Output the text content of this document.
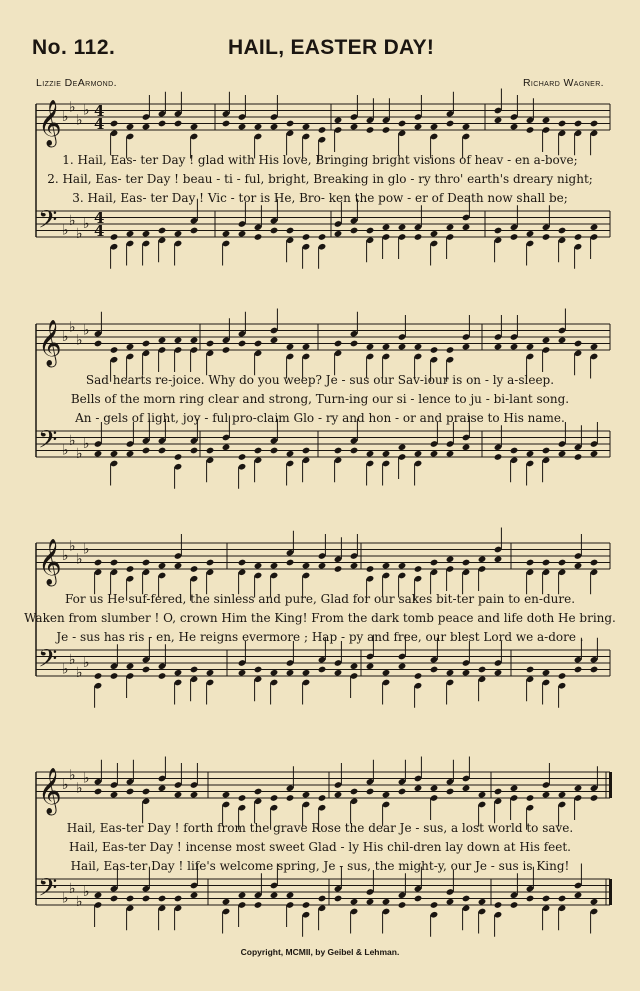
No. 112.	HAIL, EASTER DAY!
Lizzie DeArmond.	Richard Wagner.
𝄞 ♭
♭
♭
♭ 4
4
𝄢 ♭
♭
♭
♭ 4
4
𝄞 ♭
♭
♭
♭
𝄢 ♭
♭
♭
♭
𝄞 ♭
♭
♭
♭
𝄢 ♭
♭
♭
♭
𝄞 ♭
♭
♭
♭
𝄢 ♭
♭
♭
♭
1. Hail, Eas- ter Day ! glad with His love, Bringing bright visions of heav - en a-bove;
2. Hail, Eas- ter Day ! beau - ti - ful, bright, Breaking in glo - ry thro' earth's dreary night;
3. Hail, Eas- ter Day ! Vic - tor is He, Bro- ken the pow - er of Death now shall be;
Sad hearts re-joice. Why do you weep? Je - sus our Sav-iour is on - ly a-sleep.
Bells of the morn ring clear and strong, Turn-ing our si - lence to ju - bi-lant song.
An - gels of light, joy - ful pro-claim Glo - ry and hon - or and praise to His name.
For us He suf-fered, the sinless and pure, Glad for our sakes bit-ter pain to en-dure.
Waken from slumber ! O, crown Him the King! From the dark tomb peace and life doth He bring.
Je - sus has ris - en, He reigns evermore ; Hap - py and free, our blest Lord we a-dore .
Hail, Eas-ter Day ! forth from the grave Rose the dear Je - sus, a lost world to save.
Hail, Eas-ter Day ! incense most sweet Glad - ly His chil-dren lay down at His feet.
Hail, Eas-ter Day ! life's welcome spring, Je - sus, the might-y, our Je - sus is King!
Copyright, MCMII, by Geibel & Lehman.
